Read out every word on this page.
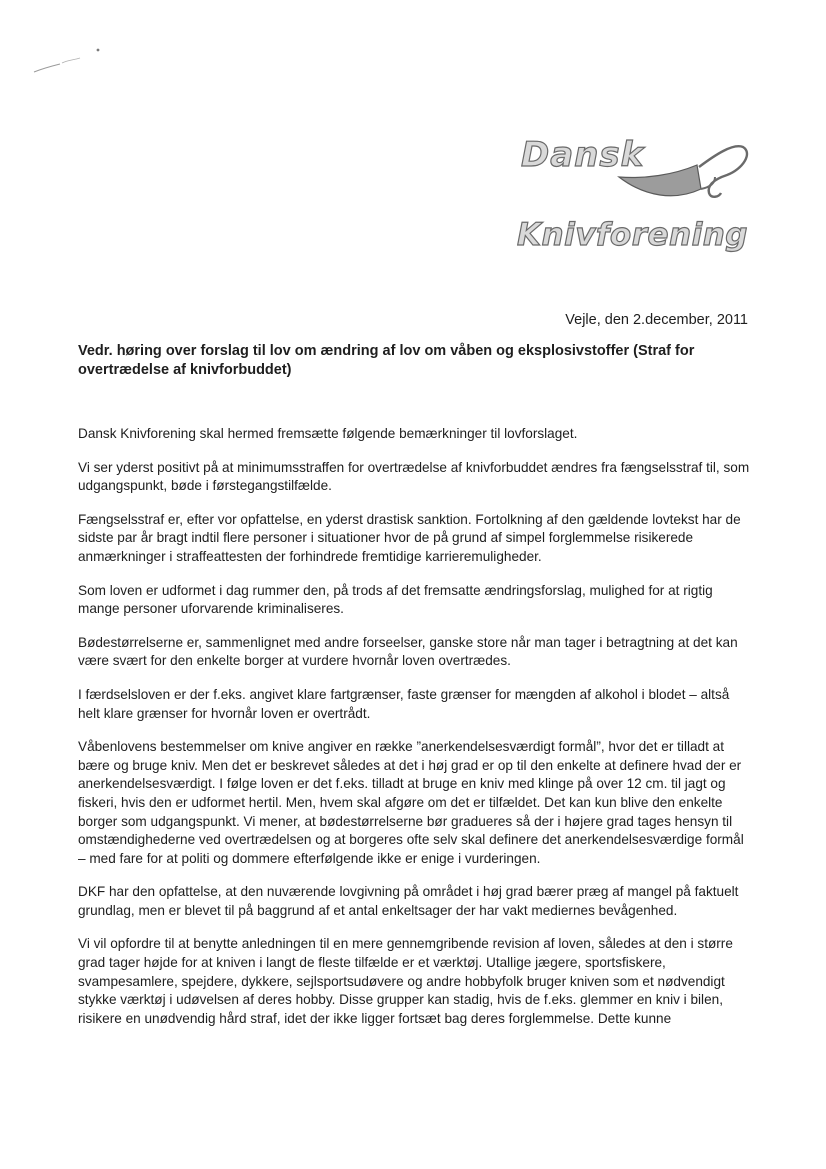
Dansk
Knivforening
Vejle, den 2.december, 2011
Vedr. høring over forslag til lov om ændring af lov om våben og eksplosivstoffer (Straf for overtrædelse af knivforbuddet)

Dansk Knivforening skal hermed fremsætte følgende bemærkninger til lovforslaget.

Vi ser yderst positivt på at minimumsstraffen for overtrædelse af knivforbuddet ændres fra fængselsstraf til, som udgangspunkt, bøde i førstegangstilfælde.

Fængselsstraf er, efter vor opfattelse, en yderst drastisk sanktion. Fortolkning af den gældende lovtekst har de sidste par år bragt indtil flere personer i situationer hvor de på grund af simpel forglemmelse risikerede anmærkninger i straffeattesten der forhindrede fremtidige karrieremuligheder.

Som loven er udformet i dag rummer den, på trods af det fremsatte ændringsforslag, mulighed for at rigtig mange personer uforvarende kriminaliseres.

Bødestørrelserne er, sammenlignet med andre forseelser, ganske store når man tager i betragtning at det kan være svært for den enkelte borger at vurdere hvornår loven overtrædes.

I færdselsloven er der f.eks. angivet klare fartgrænser, faste grænser for mængden af alkohol i blodet – altså helt klare grænser for hvornår loven er overtrådt.

Våbenlovens bestemmelser om knive angiver en række ”anerkendelsesværdigt formål”, hvor det er tilladt at bære og bruge kniv. Men det er beskrevet således at det i høj grad er op til den enkelte at definere hvad der er anerkendelsesværdigt. I følge loven er det f.eks. tilladt at bruge en kniv med klinge på over 12 cm. til jagt og fiskeri, hvis den er udformet hertil. Men, hvem skal afgøre om det er tilfældet. Det kan kun blive den enkelte borger som udgangspunkt. Vi mener, at bødestørrelserne bør gradueres så der i højere grad tages hensyn til omstændighederne ved overtrædelsen og at borgeres ofte selv skal definere det anerkendelsesværdige formål – med fare for at politi og dommere efterfølgende ikke er enige i vurderingen.

DKF har den opfattelse, at den nuværende lovgivning på området i høj grad bærer præg af mangel på faktuelt grundlag, men er blevet til på baggrund af et antal enkeltsager der har vakt mediernes bevågenhed.

Vi vil opfordre til at benytte anledningen til en mere gennemgribende revision af loven, således at den i større grad tager højde for at kniven i langt de fleste tilfælde er et værktøj. Utallige jægere, sportsfiskere, svampesamlere, spejdere, dykkere, sejlsportsudøvere og andre hobbyfolk bruger kniven som et nødvendigt stykke værktøj i udøvelsen af deres hobby. Disse grupper kan stadig, hvis de f.eks. glemmer en kniv i bilen, risikere en unødvendig hård straf, idet der ikke ligger fortsæt bag deres forglemmelse. Dette kunne
